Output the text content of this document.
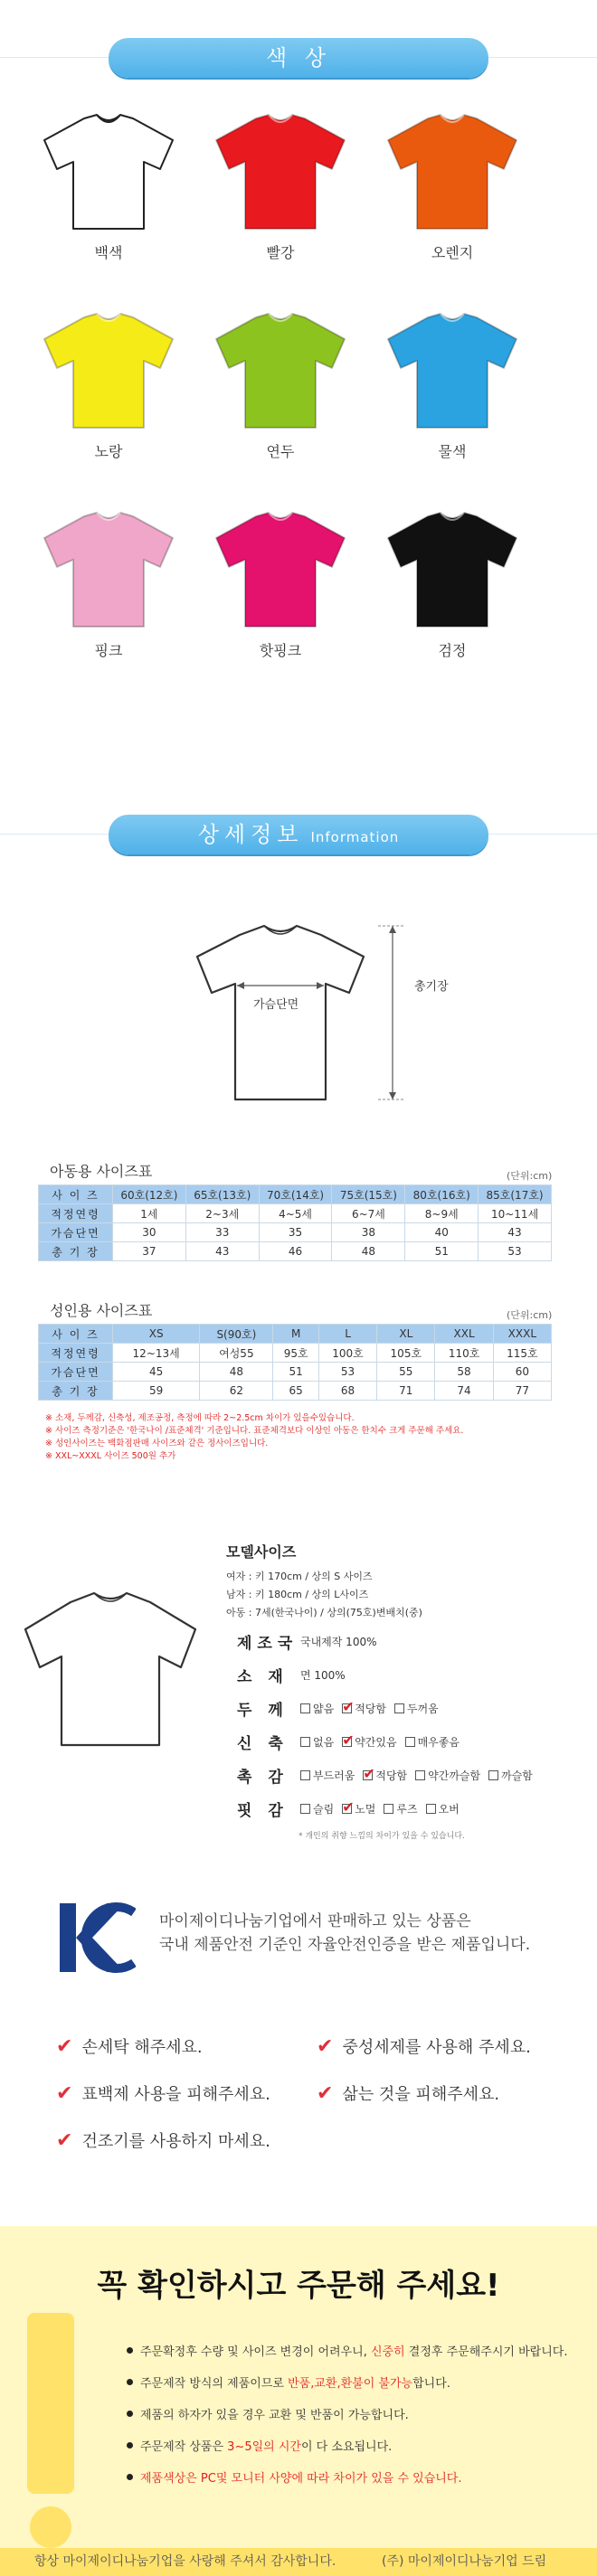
색 상
백색	빨강	오렌지
노랑	연두	물색
핑크	핫핑크	검정
상세정보 Information
가슴단면
총기장
아동용 사이즈표	(단위:cm)
사 이 즈	60호(12호)	65호(13호)	70호(14호)	75호(15호)	80호(16호)	85호(17호)
적정연령	1세	2~3세	4~5세	6~7세	8~9세	10~11세
가슴단면	30	33	35	38	40	43
총 기 장	37	43	46	48	51	53
성인용 사이즈표	(단위:cm)
사 이 즈	XS	S(90호)	M	L	XL	XXL	XXXL
적정연령	12~13세	여성55	95호	100호	105호	110호	115호
가슴단면	45	48	51	53	55	58	60
총 기 장	59	62	65	68	71	74	77
※ 소재, 두께감, 신축성, 제조공정, 측정에 따라 2~2.5cm 차이가 있을수있습니다.
※ 사이즈 측정기준은 '한국나이 /표준체격' 기준입니다. 표준체격보다 이상인 아동은 한치수 크게 주문해 주세요.
※ 성인사이즈는 백화점판매 사이즈와 같은 정사이즈입니다.
※ XXL~XXXL 사이즈 500원 추가
모델사이즈
여자 : 키 170cm / 상의 S 사이즈
남자 : 키 180cm / 상의 L사이즈
아동 : 7세(한국나이) / 상의(75호)변배치(중)
제조국 국내제작 100%
소 재 면 100%
두 께	얇음 ✔ 적당함 두꺼움
신 축	없음 ✔ 약간있음 매우좋음
촉 감	부드러움 ✔ 적당함 약간까슬함 까슬함
핏 감	슬림 ✔ 노멀 루즈 오버
* 개인의 취향 느낌의 차이가 있을 수 있습니다.
마이제이디나눔기업에서 판매하고 있는 상품은
국내 제품안전 기준인 자율안전인증을 받은 제품입니다.
✔ 손세탁 해주세요.	✔ 중성세제를 사용해 주세요.
✔ 표백제 사용을 피해주세요. ✔ 삶는 것을 피해주세요.
✔ 건조기를 사용하지 마세요.
꼭 확인하시고 주문해 주세요!
주문확정후 수량 및 사이즈 변경이 어려우니, 신중히 결정후 주문해주시기 바랍니다.
주문제작 방식의 제품이므로 반품,교환,환불이 불가능합니다.
제품의 하자가 있을 경우 교환 및 반품이 가능합니다.
주문제작 상품은 3~5일의 시간이 다 소요됩니다.
제품색상은 PC및 모니터 사양에 따라 차이가 있을 수 있습니다.
항상 마이제이디나눔기업을 사랑해 주셔서 감사합니다.	(주) 마이제이디나눔기업 드림
